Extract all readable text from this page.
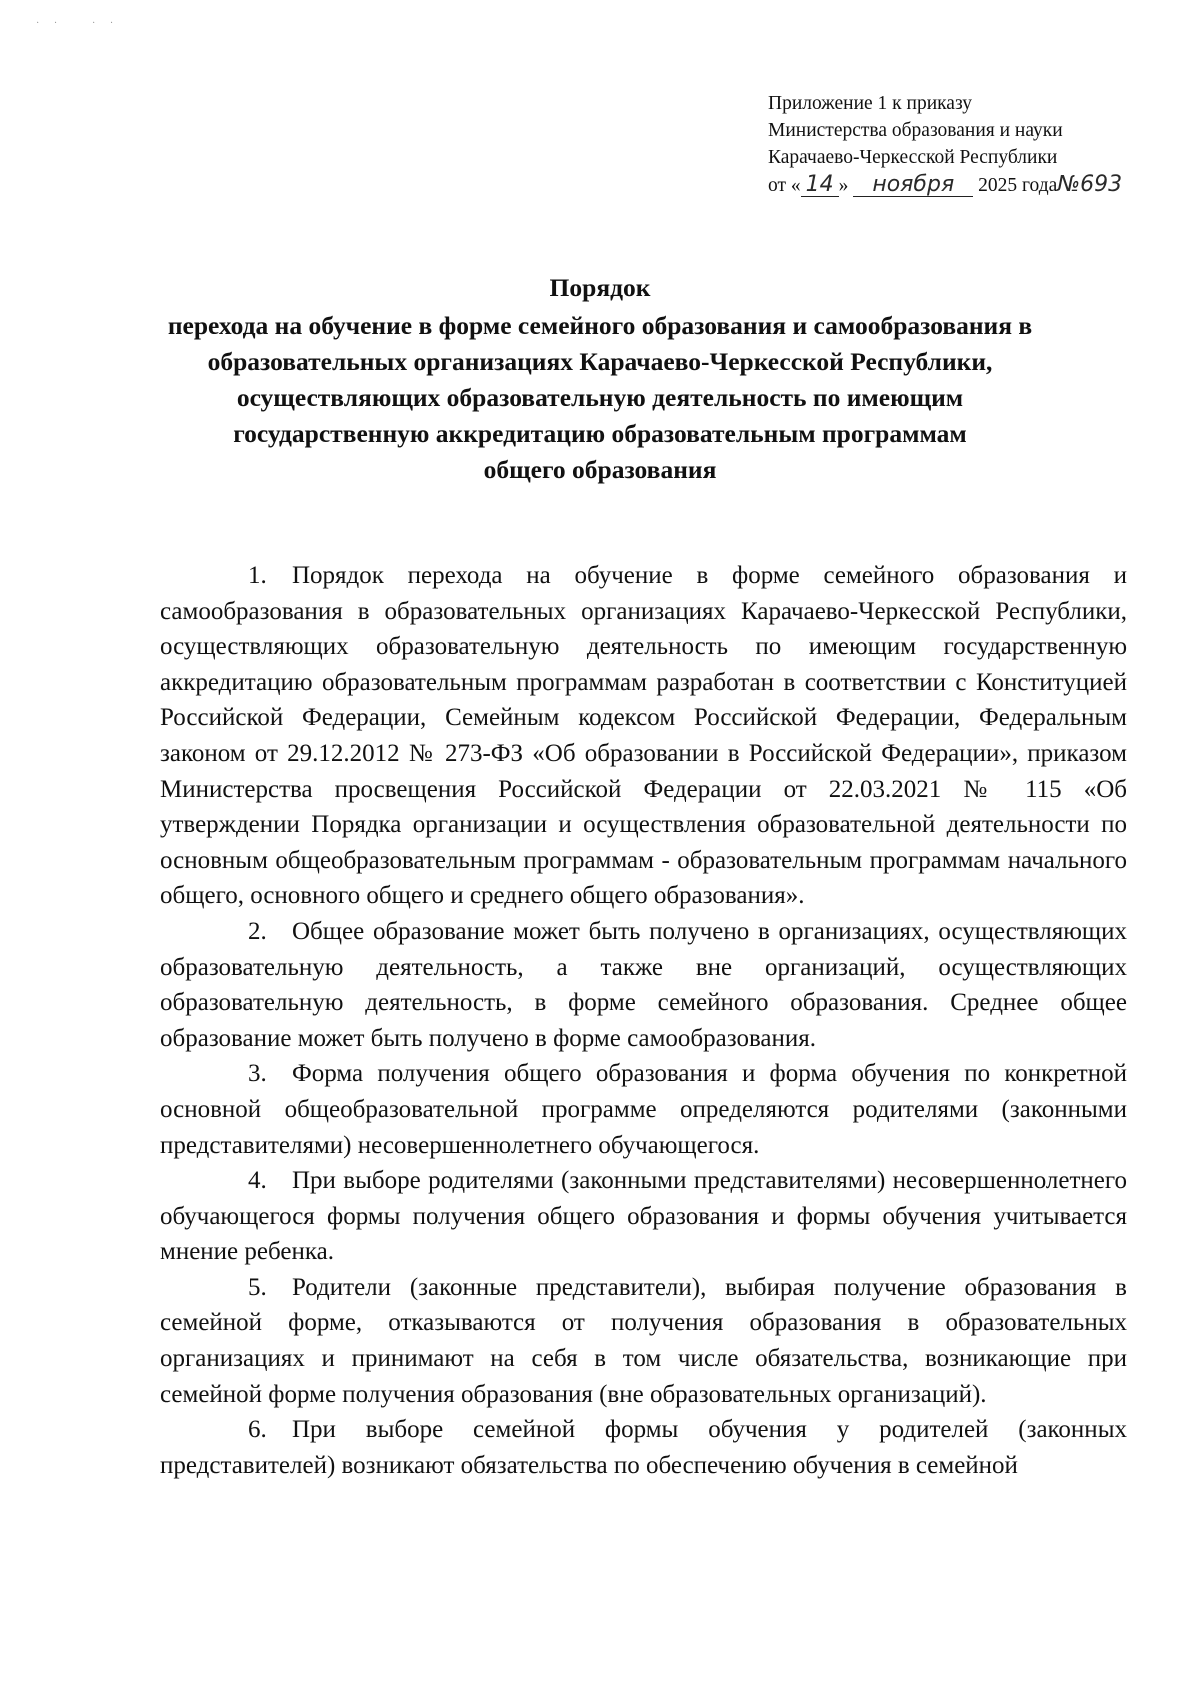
· ·	· ·
Приложение 1 к приказу
Министерства образования и науки
Карачаево-Черкесской Республики
от « 14 » ноября 2025 года№693
Порядок
перехода на обучение в форме семейного образования и самообразования в
образовательных организациях Карачаево-Черкесской Республики,
осуществляющих образовательную деятельность по имеющим
государственную аккредитацию образовательным программам
общего образования

1. Порядок перехода на обучение в форме семейного образования и самообразования в образовательных организациях Карачаево-Черкесской Республики, осуществляющих образовательную деятельность по имеющим государственную аккредитацию образовательным программам разработан в соответствии с Конституцией Российской Федерации, Семейным кодексом Российской Федерации, Федеральным законом от 29.12.2012 № 273-ФЗ «Об образовании в Российской Федерации», приказом Министерства просвещения Российской Федерации от 22.03.2021 № 115 «Об утверждении Порядка организации и осуществления образовательной деятельности по основным общеобразовательным программам - образовательным программам начального общего, основного общего и среднего общего образования».

2. Общее образование может быть получено в организациях, осуществляющих образовательную деятельность, а также вне организаций, осуществляющих образовательную деятельность, в форме семейного образования. Среднее общее образование может быть получено в форме самообразования.

3. Форма получения общего образования и форма обучения по конкретной основной общеобразовательной программе определяются родителями (законными представителями) несовершеннолетнего обучающегося.

4. При выборе родителями (законными представителями) несовершеннолетнего обучающегося формы получения общего образования и формы обучения учитывается мнение ребенка.

5. Родители (законные представители), выбирая получение образования в семейной форме, отказываются от получения образования в образовательных организациях и принимают на себя в том числе обязательства, возникающие при семейной форме получения образования (вне образовательных организаций).

6. При выборе семейной формы обучения у родителей (законных представителей) возникают обязательства по обеспечению обучения в семейной
